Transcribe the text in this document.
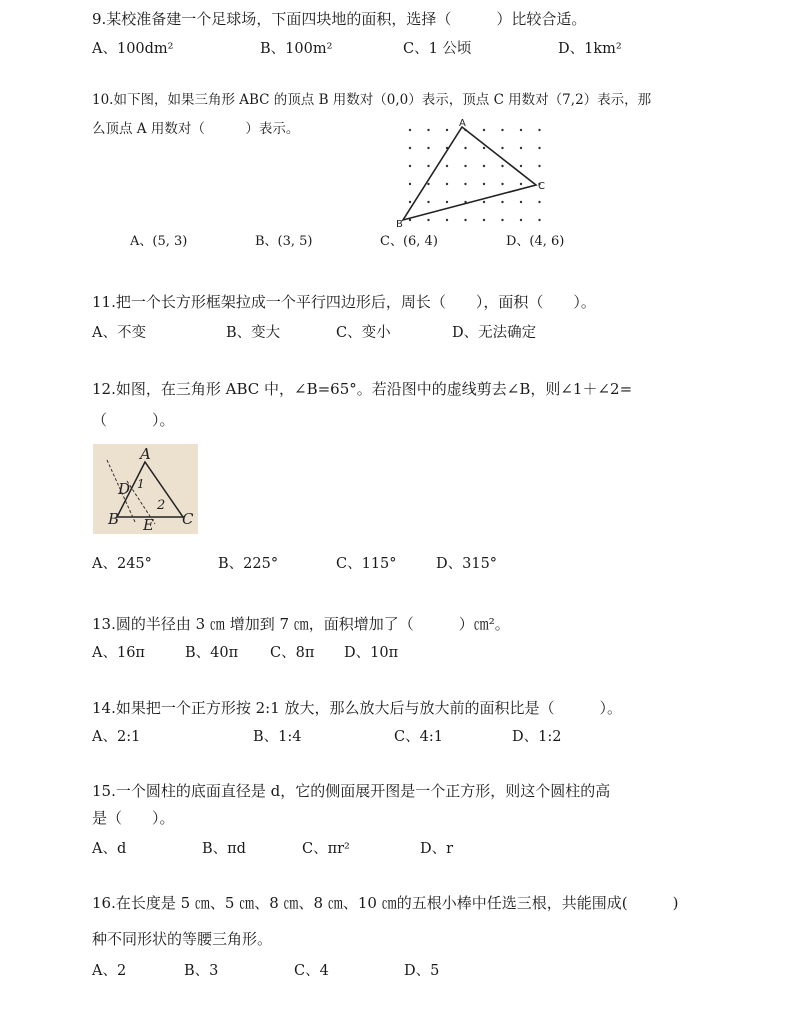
9.某校准备建一个足球场，下面四块地的面积，选择（　　　）比较合适。
A、100dm²	B、100m²	C、1 公顷	D、1km²
10.如下图，如果三角形 ABC 的顶点 B 用数对（0,0）表示，顶点 C 用数对（7,2）表示，那
么顶点 A 用数对（　　　）表示。	A
C
B
A、(5, 3)	B、(3, 5)	C、(6, 4)	D、(4, 6)
11.把一个长方形框架拉成一个平行四边形后，周长（　　），面积（　　）。
A、不变	B、变大	C、变小	D、无法确定
12.如图，在三角形 ABC 中，∠B=65°。若沿图中的虚线剪去∠B，则∠1＋∠2=
（　　　）。
A
D 1
2
B E C
A、245°	B、225°	C、115°	D、315°
13.圆的半径由 3 ㎝ 增加到 7 ㎝，面积增加了（　　　）㎝²。
A、16π	B、40π C、8π D、10π
14.如果把一个正方形按 2:1 放大，那么放大后与放大前的面积比是（　　　）。
A、2:1	B、1:4	C、4:1	D、1:2
15.一个圆柱的底面直径是 d，它的侧面展开图是一个正方形，则这个圆柱的高
是（　　）。
A、d	B、πd	C、πr²	D、r
16.在长度是 5 ㎝、5 ㎝、8 ㎝、8 ㎝、10 ㎝的五根小棒中任选三根，共能围成(　　　)
种不同形状的等腰三角形。
A、2	B、3	C、4	D、5
